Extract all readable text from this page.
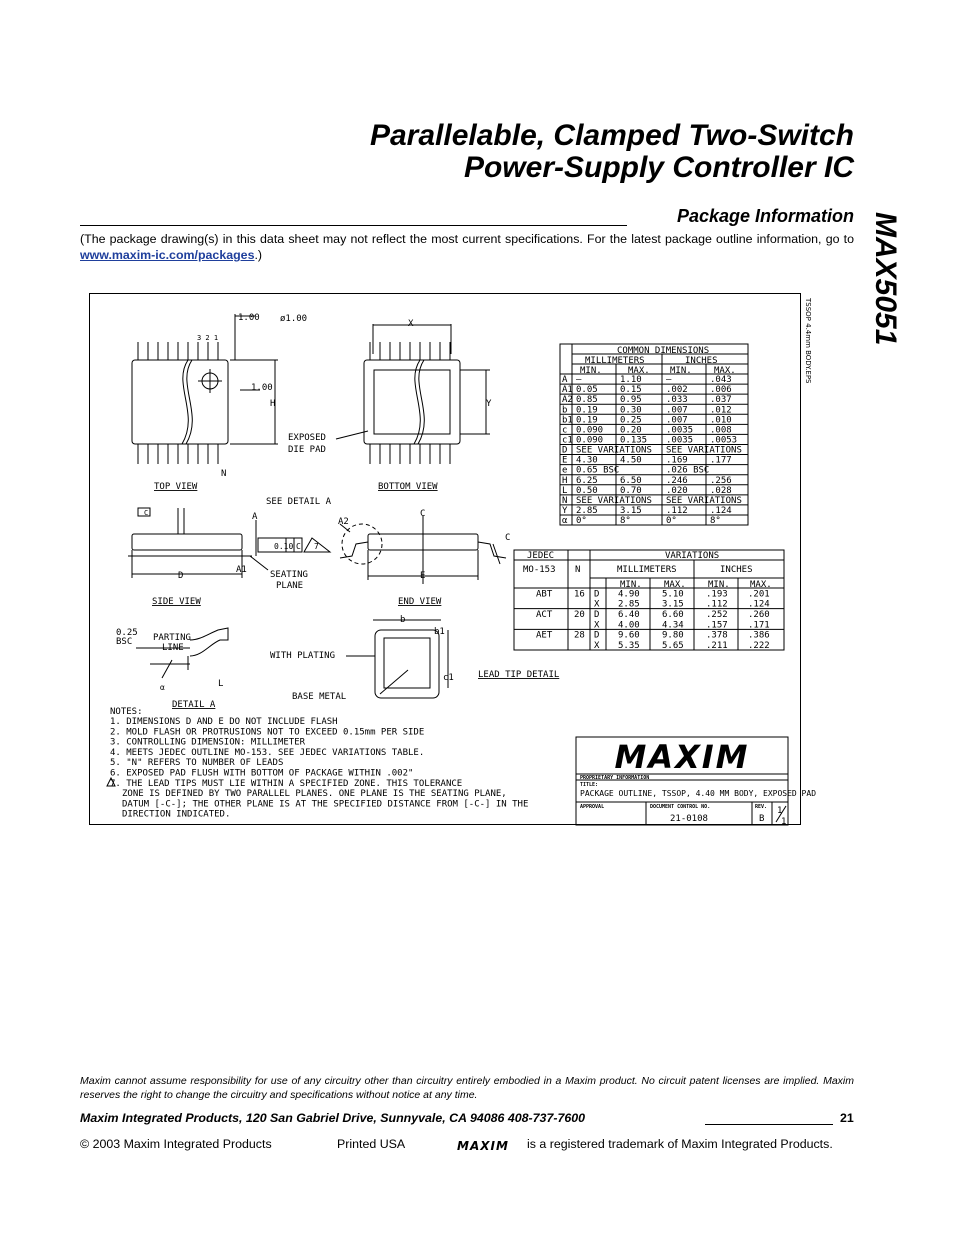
Parallelable, Clamped Two-Switch
Power-Supply Controller IC
MAX5051
Package Information
(The package drawing(s) in this data sheet may not reflect the most current specifications. For the latest package outline information, go to www.maxim-ic.com/packages.)
3 2 1
1.00 ø1.00
1.00
H
N
TOP VIEW
X
Y
EXPOSED
DIE PAD
BOTTOM VIEW
C	A
A1
D
0.10 C 7
SEATING
PLANE
SIDE VIEW
SEE DETAIL A
A2
C
C
E
END VIEW
0.25
BSC PARTING
LINE
L
α
DETAIL A
b
b1
c1
WITH PLATING
BASE METAL
LEAD TIP DETAIL
TSSOP 4.4mm BODY.EPS
COMMON DIMENSIONS
MILLIMETERS	INCHES
MIN.	MAX. MIN. MAX.
A —	1.10	—	.043
A1 0.05 0.15	.002 .006
A2 0.85 0.95	.033 .037
b 0.19 0.30	.007 .012
b1 0.19 0.25	.007 .010
c 0.090 0.20	.0035 .008
c1 0.090 0.135 .0035 .0053
D SEE VARIATIONS SEE VARIATIONS
E 4.30 4.50	.169 .177
e 0.65 BSC	.026 BSC
H 6.25 6.50	.246 .256
L 0.50 0.70	.020 .028
N SEE VARIATIONS SEE VARIATIONS
Y 2.85 3.15	.112 .124
α 0°	8°	0°	8°
JEDEC
MO-153 N
VARIATIONS
MILLIMETERS	INCHES
MIN. MAX. MIN. MAX.
ABT 16 D 4.90 5.10 .193 .201
X 2.85 3.15 .112 .124
ACT 20 D 6.40 6.60 .252 .260
X 4.00 4.34 .157 .171
AET 28 D 9.60 9.80 .378 .386
X 5.35 5.65 .211 .222
NOTES:
1. DIMENSIONS D AND E DO NOT INCLUDE FLASH
2. MOLD FLASH OR PROTRUSIONS NOT TO EXCEED 0.15mm PER SIDE
3. CONTROLLING DIMENSION: MILLIMETER
4. MEETS JEDEC OUTLINE MO-153. SEE JEDEC VARIATIONS TABLE.
5. "N" REFERS TO NUMBER OF LEADS
6. EXPOSED PAD FLUSH WITH BOTTOM OF PACKAGE WITHIN .002"
7. THE LEAD TIPS MUST LIE WITHIN A SPECIFIED ZONE. THIS TOLERANCE
ZONE IS DEFINED BY TWO PARALLEL PLANES. ONE PLANE IS THE SEATING PLANE,
DATUM [-C-]; THE OTHER PLANE IS AT THE SPECIFIED DISTANCE FROM [-C-] IN THE
DIRECTION INDICATED.
MAXIM
PROPRIETARY INFORMATION
TITLE:
PACKAGE OUTLINE, TSSOP, 4.40 MM BODY, EXPOSED PAD
APPROVAL	DOCUMENT CONTROL NO.
21-0108
REV.
B
1
1
Maxim cannot assume responsibility for use of any circuitry other than circuitry entirely embodied in a Maxim product. No circuit patent licenses are implied. Maxim reserves the right to change the circuitry and specifications without notice at any time.
Maxim Integrated Products, 120 San Gabriel Drive, Sunnyvale, CA 94086 408-737-7600	21
© 2003 Maxim Integrated Products	Printed USA	MAXIM is a registered trademark of Maxim Integrated Products.
